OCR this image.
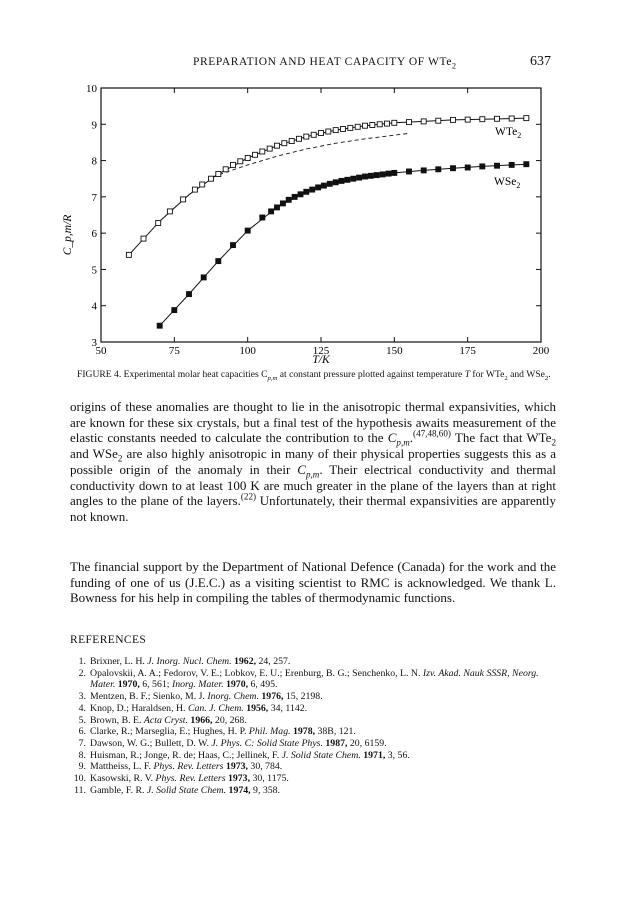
PREPARATION AND HEAT CAPACITY OF WTe$_2$	637
50	75	100	125	150	175	200
3
4
5
6
7
8
9
10
WTe$_2$
WSe$_2$
T/K
C_p,m/R
FIGURE 4. Experimental molar heat capacities $C_{p,m}$ at constant pressure plotted against temperature T for WTe$_2$ and WSe$_2$.

origins of these anomalies are thought to lie in the anisotropic thermal expansivities, which are known for these six crystals, but a final test of the hypothesis awaits measurement of the elastic constants needed to calculate the contribution to the $C_{p,m}.^{(47,48,60)}$ The fact that WTe$_2$ and WSe$_2$ are also highly anisotropic in many of their physical properties suggests this as a possible origin of the anomaly in their $C_{p,m}$. Their electrical conductivity and thermal conductivity down to at least 100 K are much greater in the plane of the layers than at right angles to the plane of the layers.$^{(22)}$ Unfortunately, their thermal expansivities are apparently not known.

The financial support by the Department of National Defence (Canada) for the work and the funding of one of us (J.E.C.) as a visiting scientist to RMC is acknowledged. We thank L. Bowness for his help in compiling the tables of thermodynamic functions.

REFERENCES
1. Brixner, L. H. J. Inorg. Nucl. Chem. 1962, 24, 257.
2. Opalovskii, A. A.; Fedorov, V. E.; Lobkov, E. U.; Erenburg, B. G.; Senchenko, L. N. Izv. Akad. Nauk SSSR, Neorg. Mater. 1970, 6, 561; Inorg. Mater. 1970, 6, 495.
3. Mentzen, B. F.; Sienko, M. J. Inorg. Chem. 1976, 15, 2198.
4. Knop, D.; Haraldsen, H. Can. J. Chem. 1956, 34, 1142.
5. Brown, B. E. Acta Cryst. 1966, 20, 268.
6. Clarke, R.; Marseglia, E.; Hughes, H. P. Phil. Mag. 1978, 38B, 121.
7. Dawson, W. G.; Bullett, D. W. J. Phys. C: Solid State Phys. 1987, 20, 6159.
8. Huisman, R.; Jonge, R. de; Haas, C.; Jellinek, F. J. Solid State Chem. 1971, 3, 56.
9. Mattheiss, L. F. Phys. Rev. Letters 1973, 30, 784.
10. Kasowski, R. V. Phys. Rev. Letters 1973, 30, 1175.
11. Gamble, F. R. J. Solid State Chem. 1974, 9, 358.
